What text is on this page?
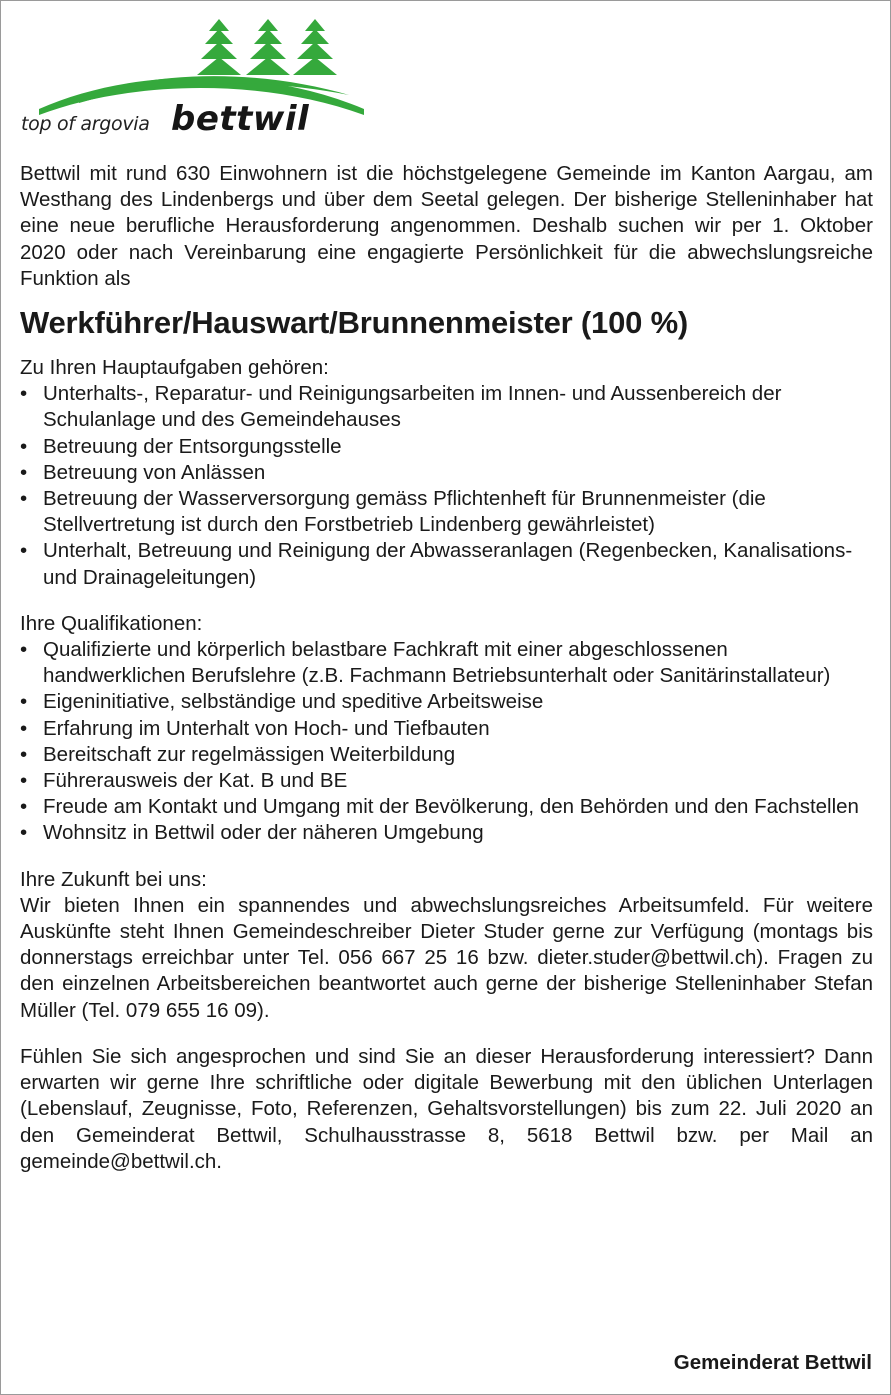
top of argovia bettwil

Bettwil mit rund 630 Einwohnern ist die höchstgelegene Gemeinde im Kanton Aargau, am Westhang des Lindenbergs und über dem Seetal gelegen. Der bisherige Stelleninhaber hat eine neue berufliche Herausforderung angenommen. Deshalb suchen wir per 1. Oktober 2020 oder nach Vereinbarung eine engagierte Persönlichkeit für die abwechslungsreiche Funktion als

Werkführer/Hauswart/Brunnenmeister (100 %)

Zu Ihren Hauptaufgaben gehören:

• Unterhalts-, Reparatur- und Reinigungsarbeiten im Innen- und Aussenbereich der Schulanlage und des Gemeindehauses
• Betreuung der Entsorgungsstelle
• Betreuung von Anlässen
• Betreuung der Wasserversorgung gemäss Pflichtenheft für Brunnenmeister (die Stellvertretung ist durch den Forstbetrieb Lindenberg gewährleistet)
• Unterhalt, Betreuung und Reinigung der Abwasseranlagen (Regenbecken, Kanalisations- und Drainageleitungen)

Ihre Qualifikationen:

• Qualifizierte und körperlich belastbare Fachkraft mit einer abgeschlossenen handwerklichen Berufslehre (z.B. Fachmann Betriebsunterhalt oder Sanitärinstallateur)
• Eigeninitiative, selbständige und speditive Arbeitsweise
• Erfahrung im Unterhalt von Hoch- und Tiefbauten
• Bereitschaft zur regelmässigen Weiterbildung
• Führerausweis der Kat. B und BE
• Freude am Kontakt und Umgang mit der Bevölkerung, den Behörden und den Fachstellen
• Wohnsitz in Bettwil oder der näheren Umgebung

Ihre Zukunft bei uns:

Wir bieten Ihnen ein spannendes und abwechslungsreiches Arbeitsumfeld. Für weitere Auskünfte steht Ihnen Gemeindeschreiber Dieter Studer gerne zur Verfügung (montags bis donnerstags erreichbar unter Tel. 056 667 25 16 bzw. dieter.studer@bettwil.ch). Fragen zu den einzelnen Arbeitsbereichen beantwortet auch gerne der bisherige Stelleninhaber Stefan Müller (Tel. 079 655 16 09).

Fühlen Sie sich angesprochen und sind Sie an dieser Herausforderung interessiert? Dann erwarten wir gerne Ihre schriftliche oder digitale Bewerbung mit den üblichen Unterlagen (Lebenslauf, Zeugnisse, Foto, Referenzen, Gehaltsvorstellungen) bis zum 22. Juli 2020 an den Gemeinderat Bettwil, Schulhausstrasse 8, 5618 Bettwil bzw. per Mail an gemeinde@bettwil.ch.

Gemeinderat Bettwil
